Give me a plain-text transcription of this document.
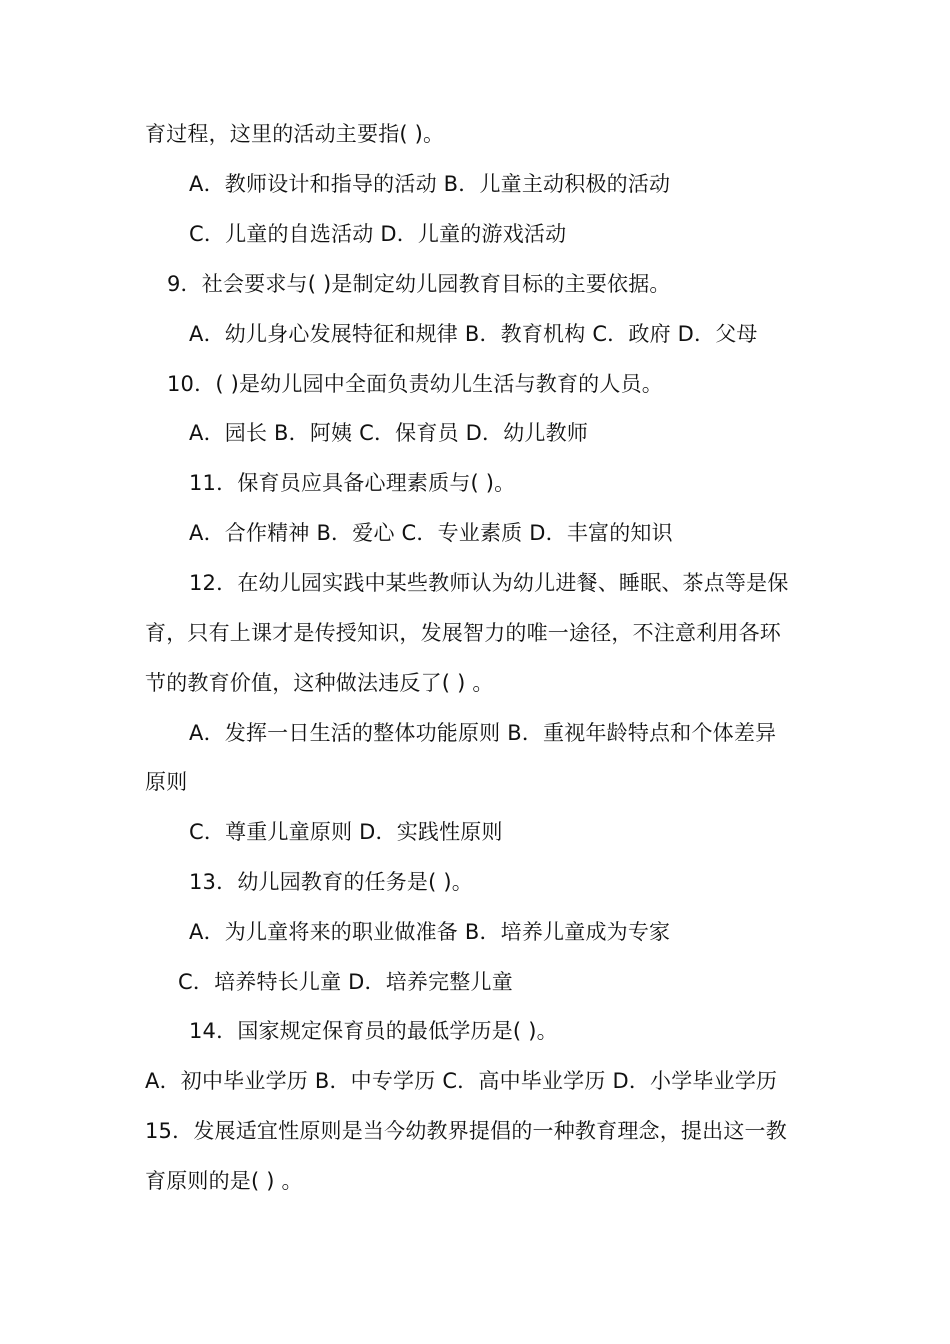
育过程，这里的活动主要指( )。
A．教师设计和指导的活动 B．儿童主动积极的活动
C．儿童的自选活动 D．儿童的游戏活动
9．社会要求与( )是制定幼儿园教育目标的主要依据。
A．幼儿身心发展特征和规律 B．教育机构 C．政府 D．父母
10．( )是幼儿园中全面负责幼儿生活与教育的人员。
A．园长 B．阿姨 C．保育员 D．幼儿教师
11．保育员应具备心理素质与( )。
A．合作精神 B．爱心 C．专业素质 D．丰富的知识
12．在幼儿园实践中某些教师认为幼儿进餐、睡眠、茶点等是保
育，只有上课才是传授知识，发展智力的唯一途径，不注意利用各环
节的教育价值，这种做法违反了( ) 。
A．发挥一日生活的整体功能原则 B．重视年龄特点和个体差异
原则
C．尊重儿童原则 D．实践性原则
13．幼儿园教育的任务是( )。
A．为儿童将来的职业做准备 B．培养儿童成为专家
C．培养特长儿童 D．培养完整儿童
14．国家规定保育员的最低学历是( )。
A．初中毕业学历 B．中专学历 C．高中毕业学历 D．小学毕业学历
15．发展适宜性原则是当今幼教界提倡的一种教育理念，提出这一教
育原则的是( ) 。
